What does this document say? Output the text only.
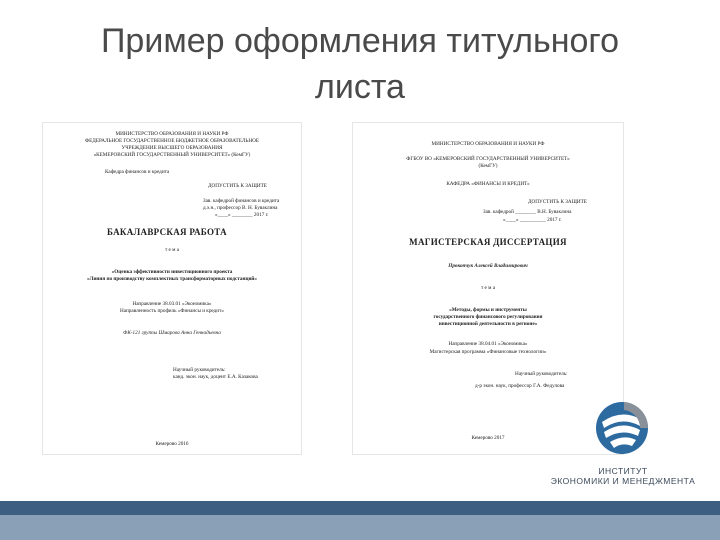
Пример оформления титульного
листа
МИНИСТЕРСТВО ОБРАЗОВАНИЯ И НАУКИ РФ
ФЕДЕРАЛЬНОЕ ГОСУДАРСТВЕННОЕ БЮДЖЕТНОЕ ОБРАЗОВАТЕЛЬНОЕ
УЧРЕЖДЕНИЕ ВЫСШЕГО ОБРАЗОВАНИЯ
«КЕМЕРОВСКИЙ ГОСУДАРСТВЕННЫЙ УНИВЕРСИТЕТ» (КемГУ)
Кафедра финансов и кредита
ДОПУСТИТЬ К ЗАЩИТЕ
Зав. кафедрой финансов и кредита
д.э.н., профессор В. Н. Буваклина
«____» ________ 2017 г.
БАКАЛАВРСКАЯ РАБОТА
т е м а
«Оценка эффективности инвестиционного проекта
«Линия по производству комплектных трансформаторных подстанций»
Направление 38.03.01 «Экономика»
Направленность профиль «Финансы и кредит»
ФК-121 группы Шмарова Анна Геннадьевна
Научный руководитель:
канд. экон. наук, доцент Е.А. Казакова
Кемерово 2016
МИНИСТЕРСТВО ОБРАЗОВАНИЯ И НАУКИ РФ
ФГБОУ ВО «КЕМЕРОВСКИЙ ГОСУДАРСТВЕННЫЙ УНИВЕРСИТЕТ»
(КемГУ)
КАФЕДРА «ФИНАНСЫ И КРЕДИТ»
ДОПУСТИТЬ К ЗАЩИТЕ
Зав. кафедрой ________ В.Н. Буваклина
«____» __________ 2017 г.
МАГИСТЕРСКАЯ ДИССЕРТАЦИЯ
Прокопчук Алексей Владимирович
т е м а
«Методы, формы и инструменты
государственного финансового регулирования
инвестиционной деятельности в регионе»
Направление 38.04.01 «Экономика»
Магистерская программа «Финансовые технологии»
Научный руководитель:
д-р экон. наук, профессор Г.А. Федулова
Кемерово 2017
ИНСТИТУТ
ЭКОНОМИКИ И МЕНЕДЖМЕНТА
